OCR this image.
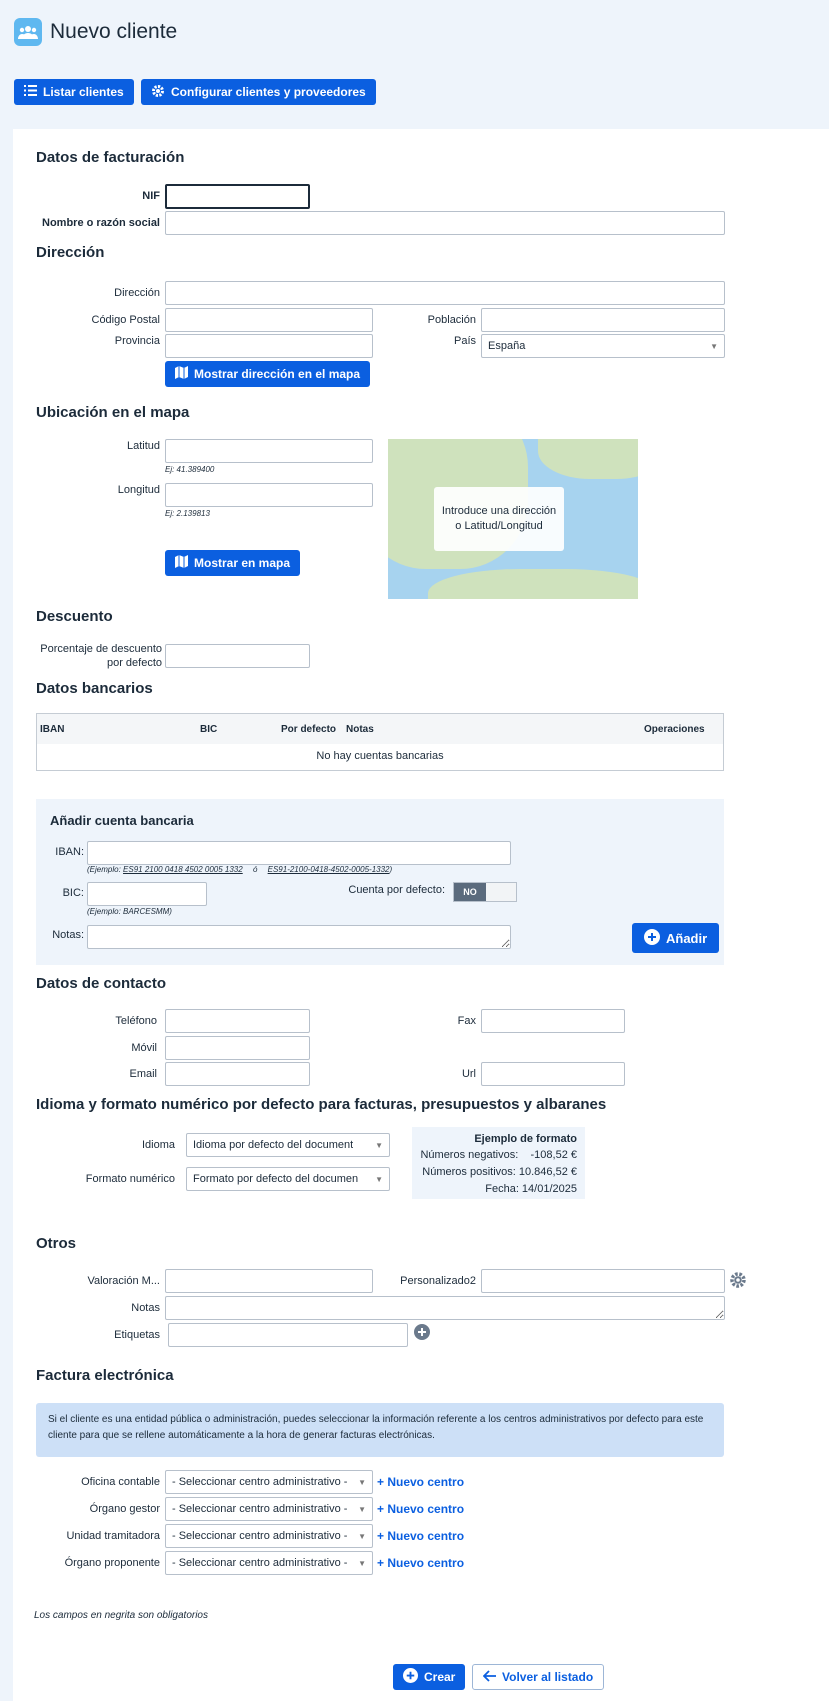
Nuevo cliente
Listar clientes	Configurar clientes y proveedores
Datos de facturación
NIF
Nombre o razón social
Dirección
Dirección
Código Postal	Población
Provincia	País España	▼
Mostrar dirección en el mapa
Ubicación en el mapa
Latitud
Ej: 41.389400
Longitud
Ej: 2.139813
Mostrar en mapa
Introduce una dirección o Latitud/Longitud
Descuento
Porcentaje de descuento
por defecto
Datos bancarios
IBAN	BIC	Por defecto Notas	Operaciones
No hay cuentas bancarias
Añadir cuenta bancaria
IBAN:
(Ejemplo: ES91 2100 0418 4502 0005 1332 ó ES91-2100-0418-4502-0005-1332)
BIC:
(Ejemplo: BARCESMM)
Cuenta por defecto:	NO
Notas:	Añadir
Datos de contacto
Teléfono	Fax
Móvil
Email	Url
Idioma y formato numérico por defecto para facturas, presupuestos y albaranes
Idioma Idioma por defecto del document	▼
Formato numérico Formato por defecto del documen ▼
Ejemplo de formato
Números negativos:    -108,52 €
Números positivos: 10.846,52 €
Fecha: 14/01/2025
Otros
Valoración M...	Personalizado2
Notas
Etiquetas
Factura electrónica
Si el cliente es una entidad pública o administración, puedes seleccionar la información referente a los centros administrativos por defecto para este cliente para que se rellene automáticamente a la hora de generar facturas electrónicas.
Oficina contable - Seleccionar centro administrativo - ▼ + Nuevo centro
Órgano gestor - Seleccionar centro administrativo - ▼ + Nuevo centro
Unidad tramitadora - Seleccionar centro administrativo - ▼ + Nuevo centro
Órgano proponente - Seleccionar centro administrativo - ▼ + Nuevo centro
Los campos en negrita son obligatorios
Crear	Volver al listado
